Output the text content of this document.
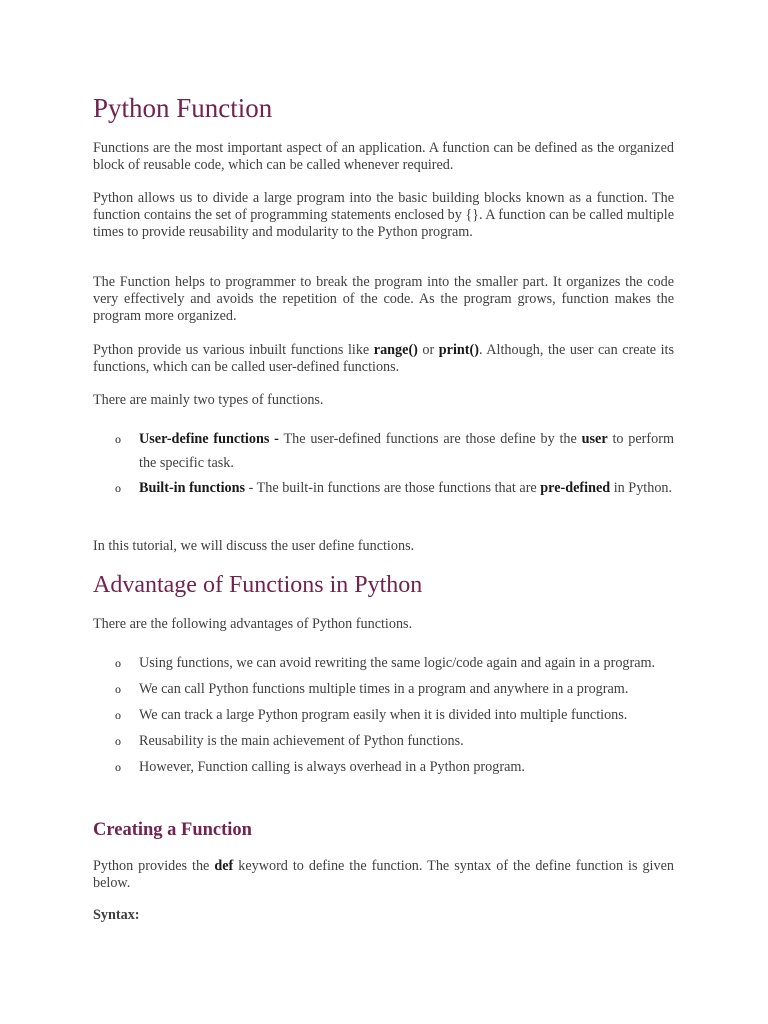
Python Function

Functions are the most important aspect of an application. A function can be defined as the organized block of reusable code, which can be called whenever required.

Python allows us to divide a large program into the basic building blocks known as a function. The function contains the set of programming statements enclosed by {}. A function can be called multiple times to provide reusability and modularity to the Python program.

The Function helps to programmer to break the program into the smaller part. It organizes the code very effectively and avoids the repetition of the code. As the program grows, function makes the program more organized.

Python provide us various inbuilt functions like range() or print(). Although, the user can create its functions, which can be called user-defined functions.

There are mainly two types of functions.

o User-define functions - The user-defined functions are those define by the user to perform the specific task.
o Built-in functions - The built-in functions are those functions that are pre-defined in Python.

In this tutorial, we will discuss the user define functions.

Advantage of Functions in Python

There are the following advantages of Python functions.

o Using functions, we can avoid rewriting the same logic/code again and again in a program.
o We can call Python functions multiple times in a program and anywhere in a program.
o We can track a large Python program easily when it is divided into multiple functions.
o Reusability is the main achievement of Python functions.
o However, Function calling is always overhead in a Python program.
Creating a Function

Python provides the def keyword to define the function. The syntax of the define function is given below.

Syntax:
